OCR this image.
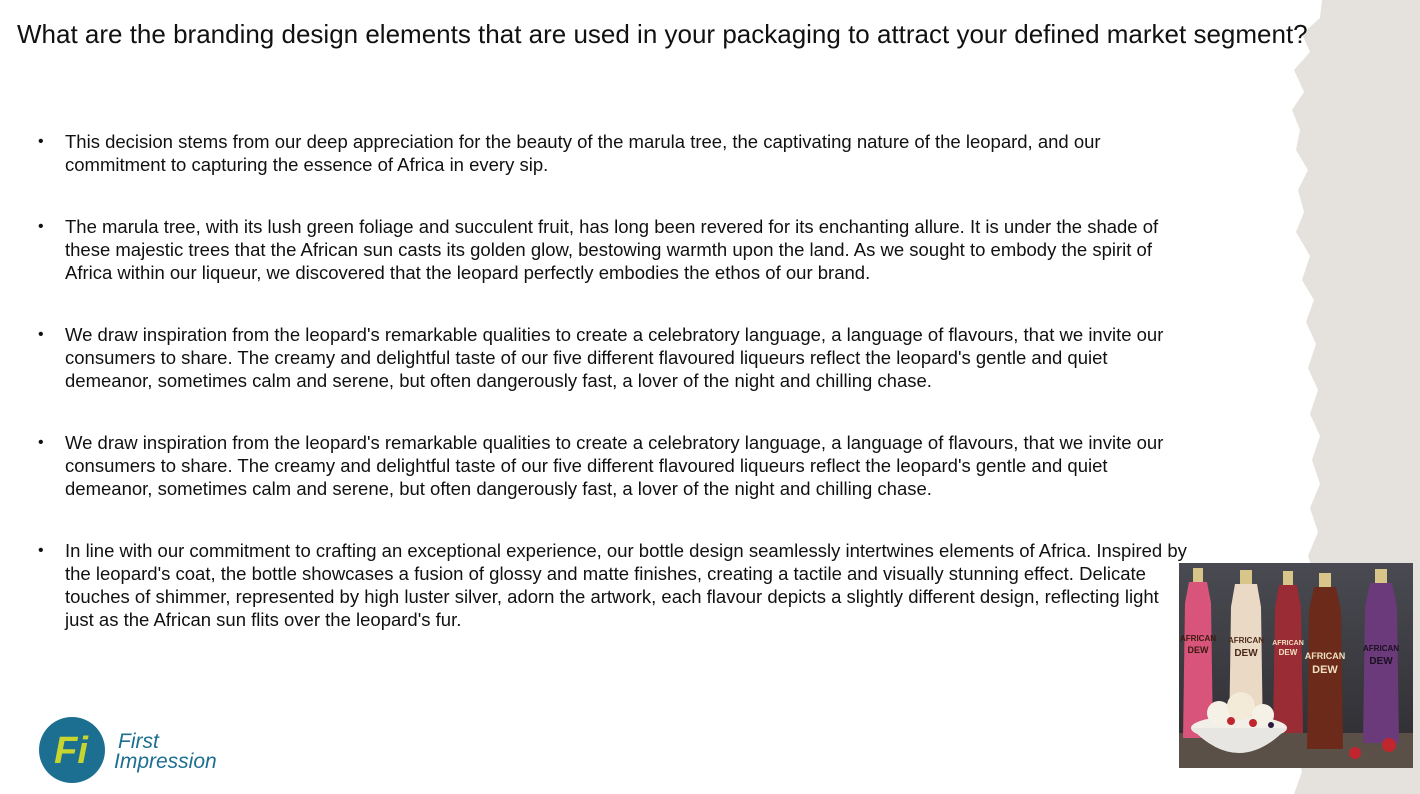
What are the branding design elements that are used in your packaging to attract your defined market segment?
• This decision stems from our deep appreciation for the beauty of the marula tree, the captivating nature of the leopard, and our commitment to capturing the essence of Africa in every sip.
• The marula tree, with its lush green foliage and succulent fruit, has long been revered for its enchanting allure. It is under the shade of these majestic trees that the African sun casts its golden glow, bestowing warmth upon the land. As we sought to embody the spirit of Africa within our liqueur, we discovered that the leopard perfectly embodies the ethos of our brand.
• We draw inspiration from the leopard's remarkable qualities to create a celebratory language, a language of flavours, that we invite our consumers to share. The creamy and delightful taste of our five different flavoured liqueurs reflect the leopard's gentle and quiet demeanor, sometimes calm and serene, but often dangerously fast, a lover of the night and chilling chase.
• We draw inspiration from the leopard's remarkable qualities to create a celebratory language, a language of flavours, that we invite our consumers to share. The creamy and delightful taste of our five different flavoured liqueurs reflect the leopard's gentle and quiet demeanor, sometimes calm and serene, but often dangerously fast, a lover of the night and chilling chase.
• In line with our commitment to crafting an exceptional experience, our bottle design seamlessly intertwines elements of Africa. Inspired by the leopard's coat, the bottle showcases a fusion of glossy and matte finishes, creating a tactile and visually stunning effect. Delicate touches of shimmer, represented by high luster silver, adorn the artwork, each flavour depicts a slightly different design, reflecting light just as the African sun flits over the leopard's fur.
AFRICAN
DEW
AFRICAN
DEW
AFRICAN
DEW AFRICAN
DEW
AFRICAN
DEW
Fi First
Impression
